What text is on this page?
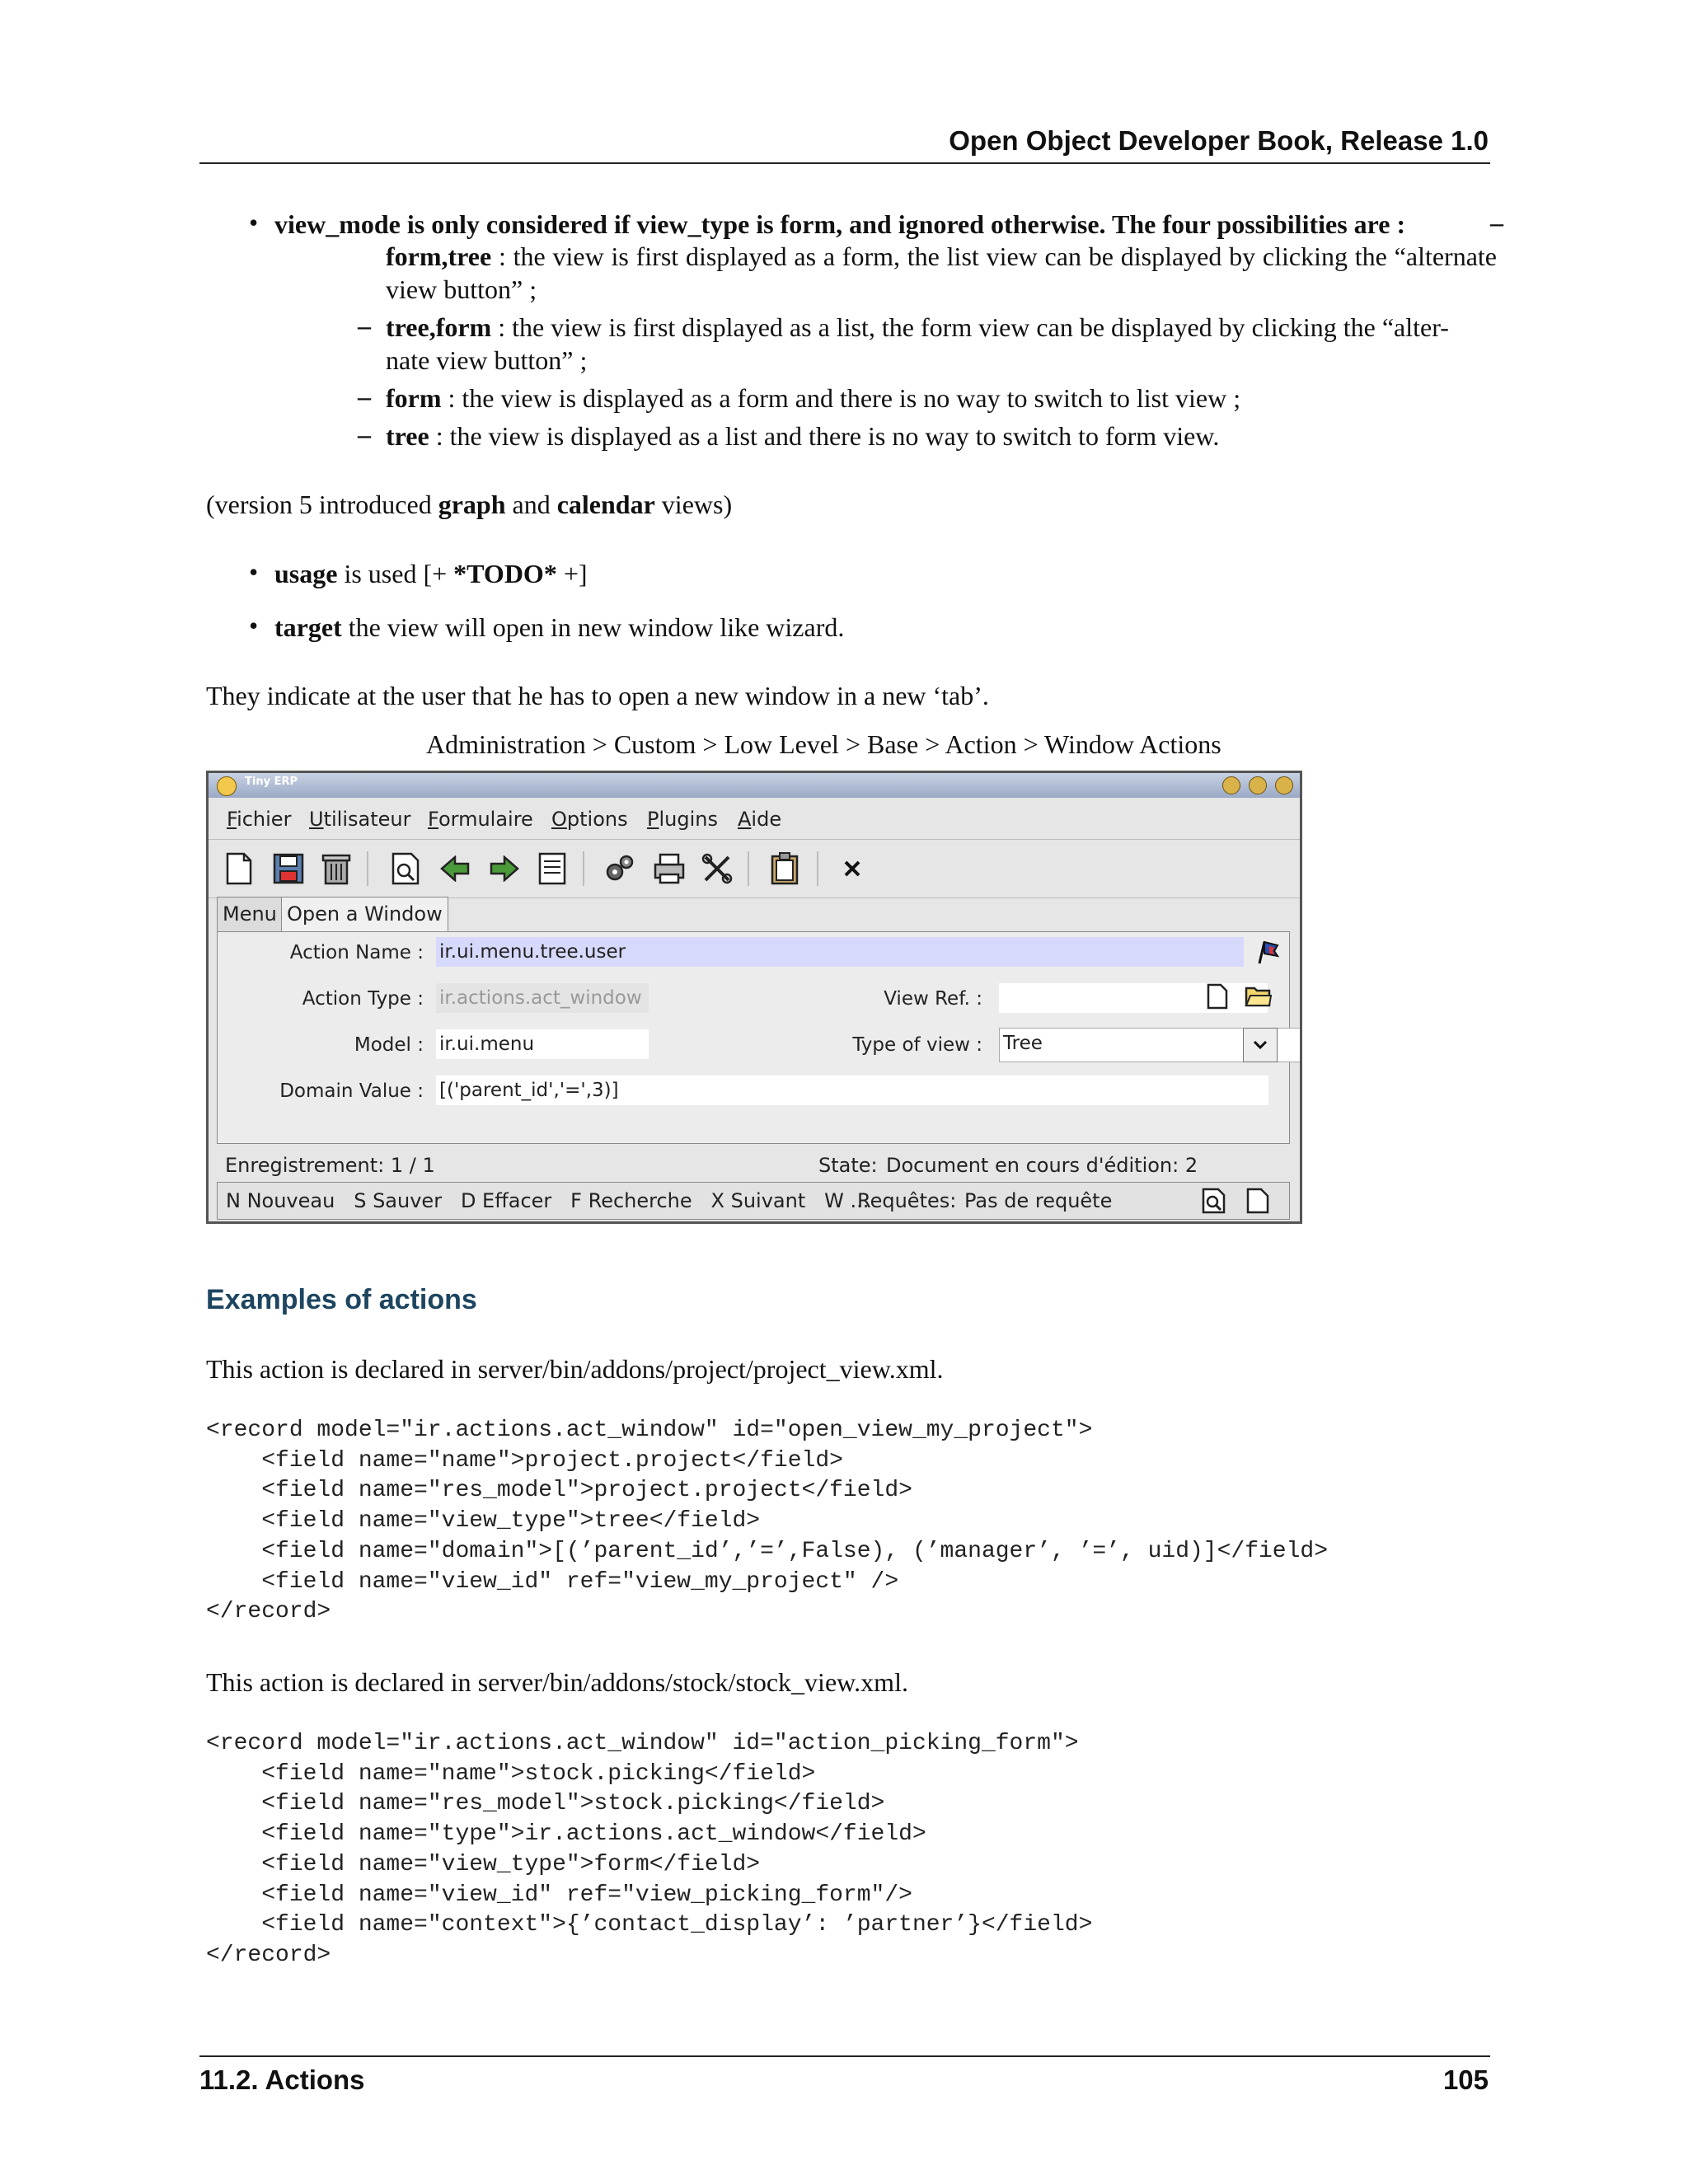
Open Object Developer Book, Release 1.0
• view_mode is only considered if view_type is form, and ignored otherwise. The four possibilities are :	–
form,tree : the view is first displayed as a form, the list view can be displayed by clicking the “alternate view button” ;
– tree,form : the view is first displayed as a list, the form view can be displayed by clicking the “alter-
nate view button” ;
– form : the view is displayed as a form and there is no way to switch to list view ;
– tree : the view is displayed as a list and there is no way to switch to form view.
(version 5 introduced graph and calendar views)
• usage is used [+ *TODO* +]
• target the view will open in new window like wizard.
They indicate at the user that he has to open a new window in a new ‘tab’.
Administration > Custom > Low Level > Base > Action > Window Actions
Tiny ERP
Fichier Utilisateur Formulaire Options Plugins Aide
Menu Open a Window
Action Name : ir.ui.menu.tree.user
Action Type : ir.actions.act_window	View Ref. :
Model : ir.ui.menu	Type of view : Tree
Domain Value : [('parent_id','=',3)]
Enregistrement: 1 / 1	State: Document en cours d'édition: 2
N Nouveau   S Sauver   D Effacer   F Recherche   X Suivant   W ...
Requêtes: Pas de requête
Examples of actions
This action is declared in server/bin/addons/project/project_view.xml.
<record model="ir.actions.act_window" id="open_view_my_project">
<field name="name">project.project</field>
<field name="res_model">project.project</field>
<field name="view_type">tree</field>
<field name="domain">[(’parent_id’,’=’,False), (’manager’, ’=’, uid)]</field>
<field name="view_id" ref="view_my_project" />
</record>
This action is declared in server/bin/addons/stock/stock_view.xml.
<record model="ir.actions.act_window" id="action_picking_form">
<field name="name">stock.picking</field>
<field name="res_model">stock.picking</field>
<field name="type">ir.actions.act_window</field>
<field name="view_type">form</field>
<field name="view_id" ref="view_picking_form"/>
<field name="context">{’contact_display’: ’partner’}</field>
</record>
11.2. Actions	105
